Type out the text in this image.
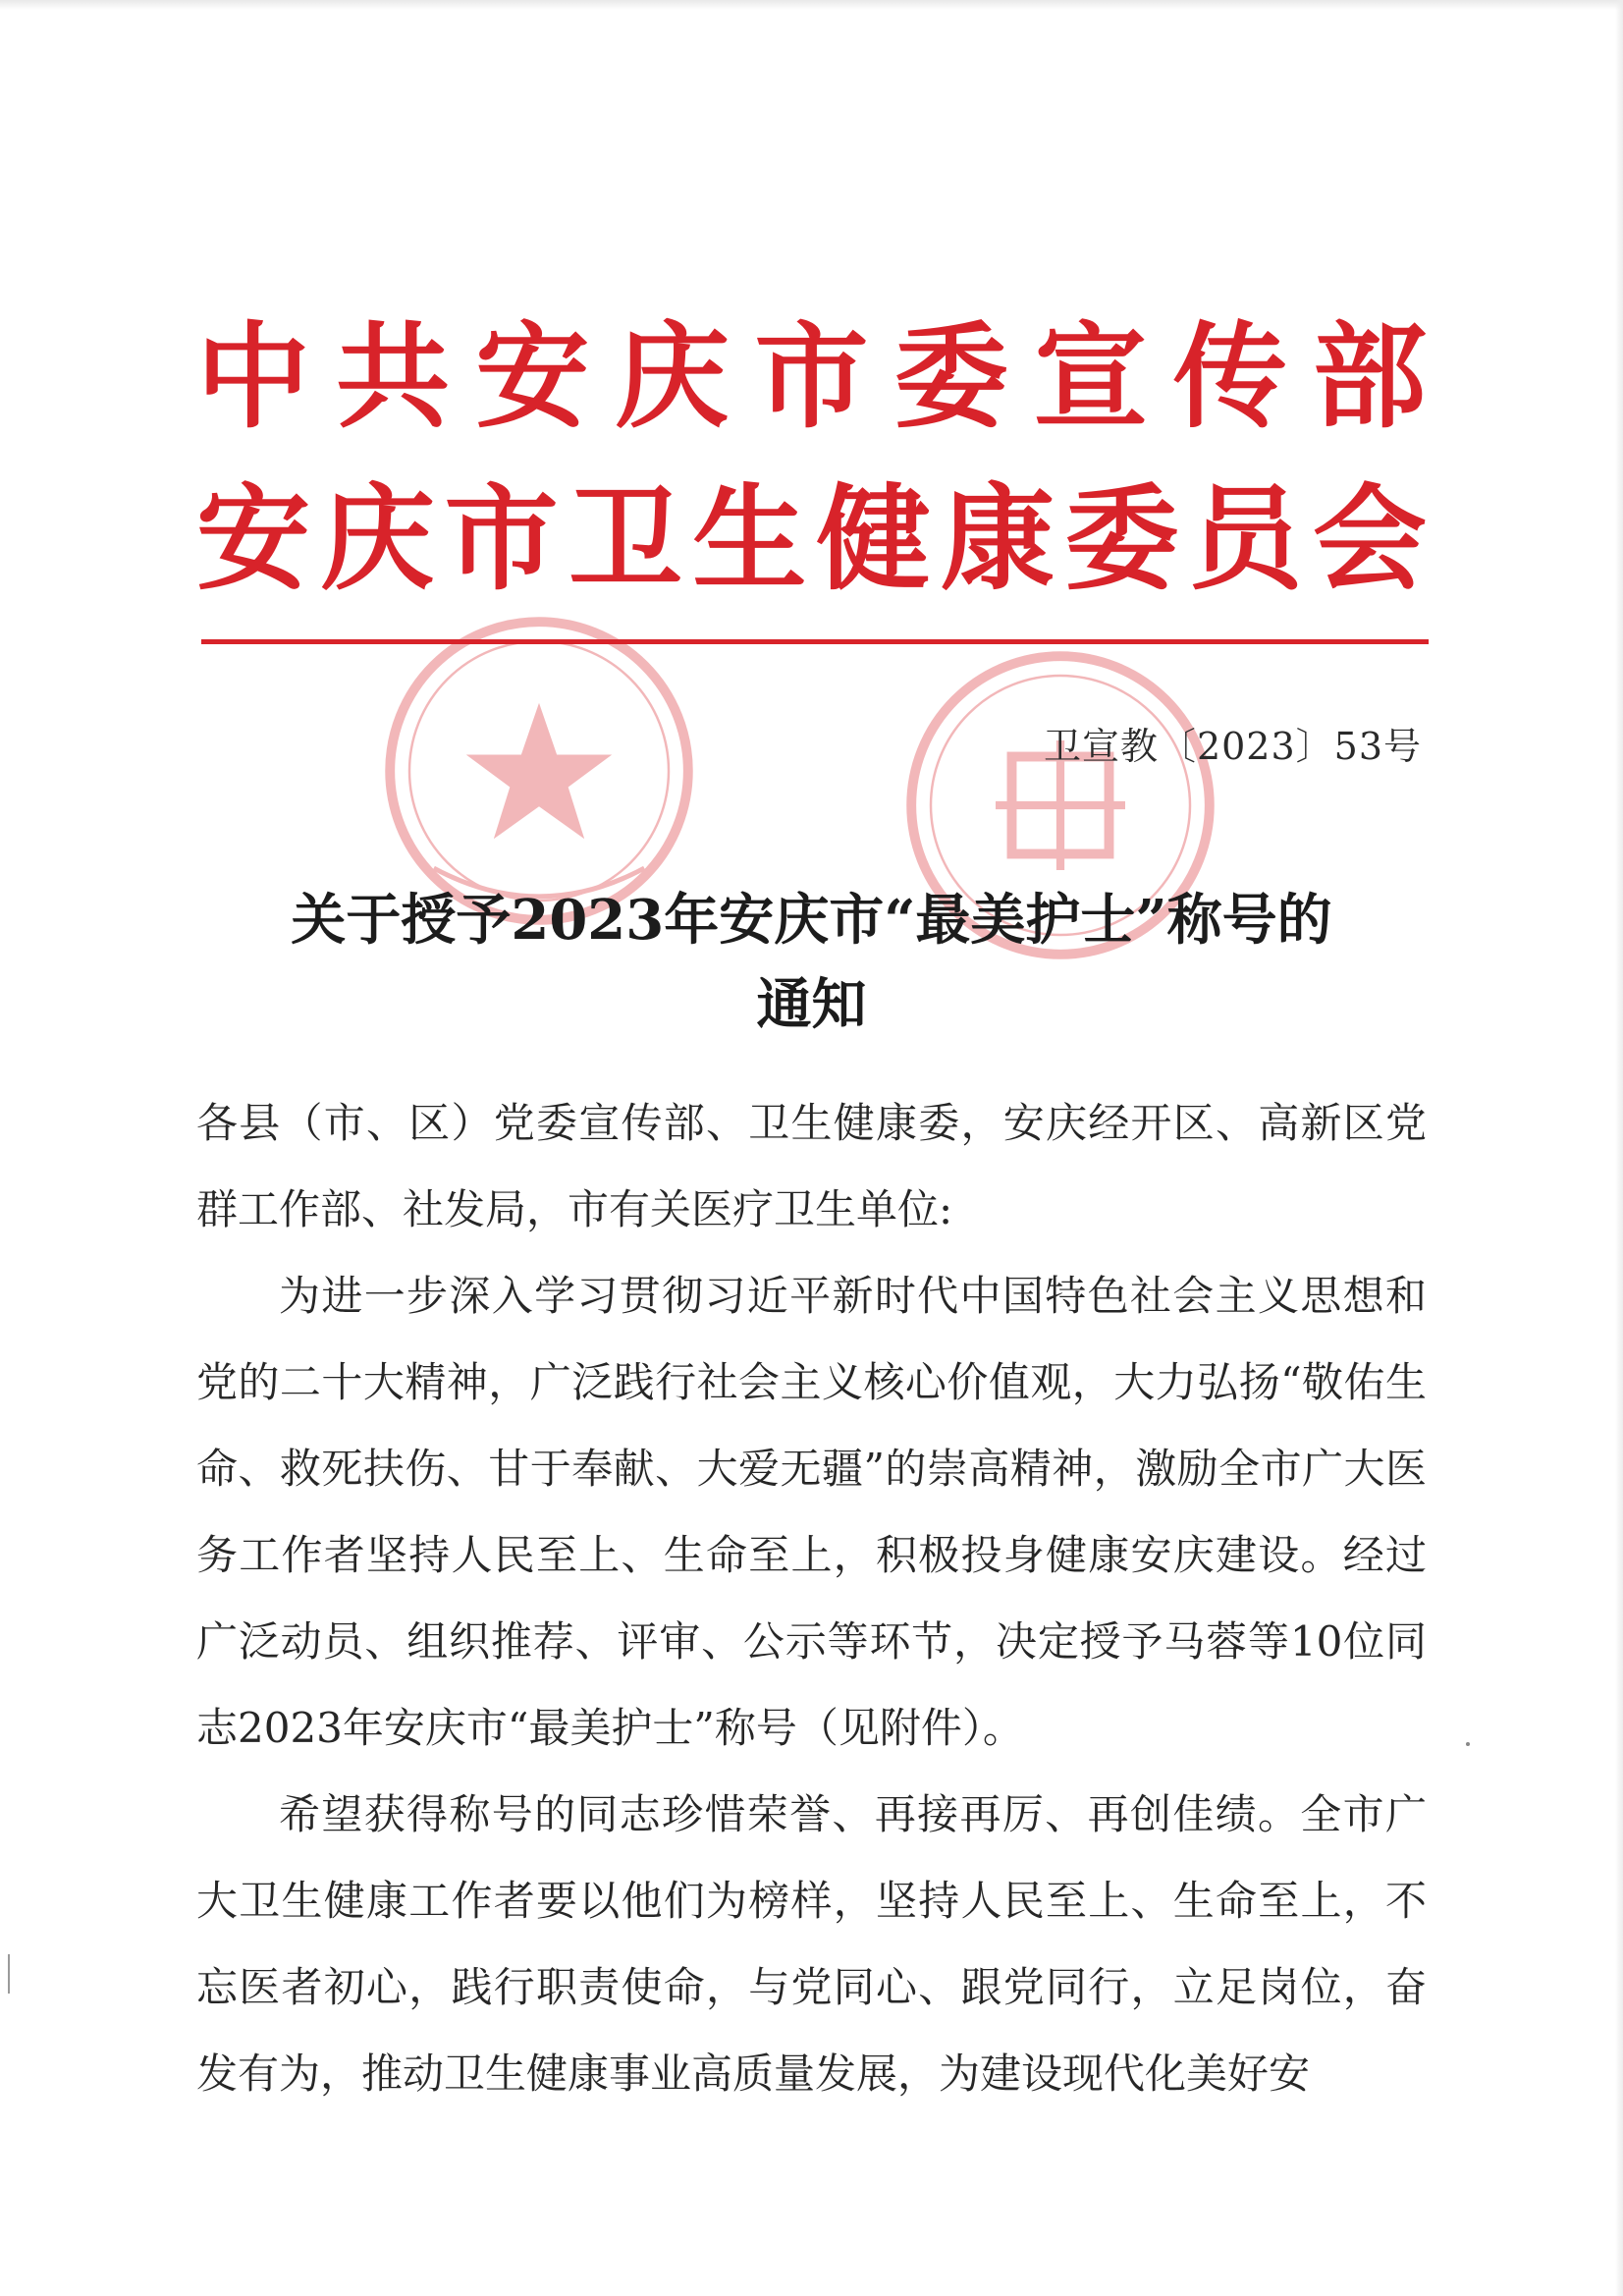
中共安庆市委宣传部
安庆市卫生健康委员会
卫宣教〔2023〕53号
关于授予2023年安庆市“最美护士”称号的
通知

各县（市、区）党委宣传部、卫生健康委，安庆经开区、高新区党群工作部、社发局，市有关医疗卫生单位:

为进一步深入学习贯彻习近平新时代中国特色社会主义思想和党的二十大精神，广泛践行社会主义核心价值观，大力弘扬“敬佑生命、救死扶伤、甘于奉献、大爱无疆”的崇高精神，激励全市广大医务工作者坚持人民至上、生命至上，积极投身健康安庆建设。经过广泛动员、组织推荐、评审、公示等环节，决定授予马蓉等10位同志2023年安庆市“最美护士”称号（见附件）。

希望获得称号的同志珍惜荣誉、再接再厉、再创佳绩。全市广大卫生健康工作者要以他们为榜样，坚持人民至上、生命至上，不忘医者初心，践行职责使命，与党同心、跟党同行，立足岗位，奋发有为，推动卫生健康事业高质量发展，为建设现代化美好安
